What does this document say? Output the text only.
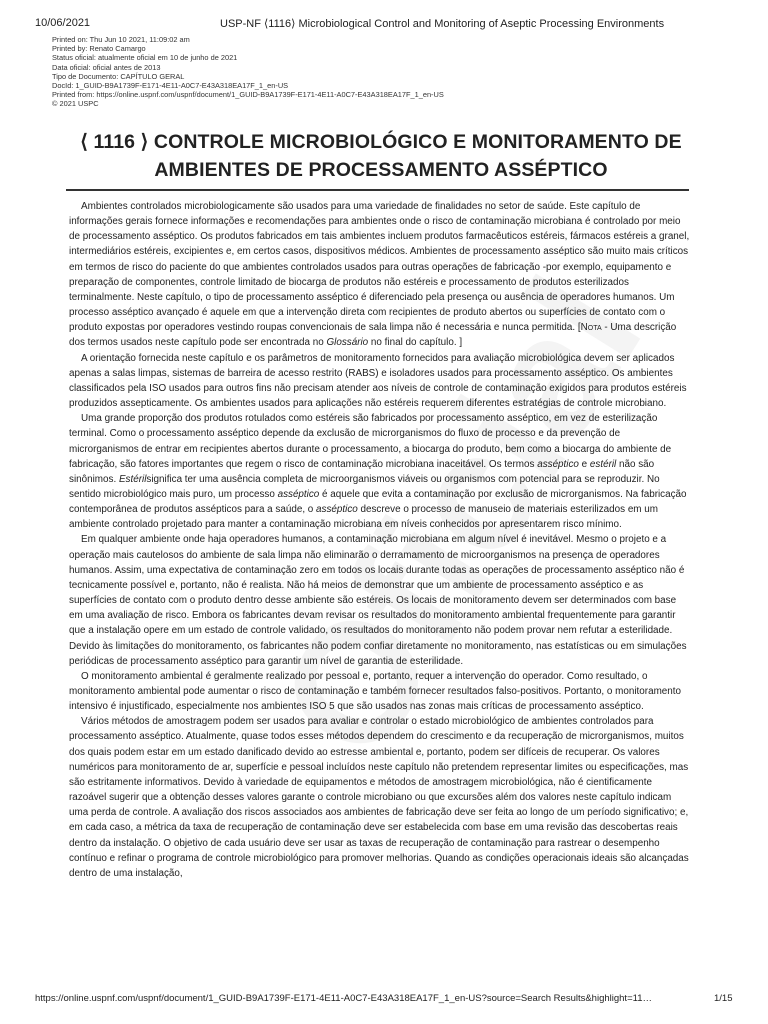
10/06/2021	USP-NF ⟨1116⟩ Microbiological Control and Monitoring of Aseptic Processing Environments
Printed on: Thu Jun 10 2021, 11:09:02 am
Printed by: Renato Camargo
Status oficial: atualmente oficial em 10 de junho de 2021
Data oficial: oficial antes de 2013
Tipo de Documento: CAPÍTULO GERAL
DocId: 1_GUID-B9A1739F-E171-4E11-A0C7-E43A318EA17F_1_en-US
Printed from: https://online.uspnf.com/uspnf/document/1_GUID-B9A1739F-E171-4E11-A0C7-E43A318EA17F_1_en-US
© 2021 USPC
⟨ 1116 ⟩ CONTROLE MICROBIOLÓGICO E MONITORAMENTO DE
AMBIENTES DE PROCESSAMENTO ASSÉPTICO

Ambientes controlados microbiologicamente são usados para uma variedade de finalidades no setor de saúde. Este capítulo de informações gerais fornece informações e recomendações para ambientes onde o risco de contaminação microbiana é controlado por meio de processamento asséptico. Os produtos fabricados em tais ambientes incluem produtos farmacêuticos estéreis, fármacos estéreis a granel, intermediários estéreis, excipientes e, em certos casos, dispositivos médicos. Ambientes de processamento asséptico são muito mais críticos em termos de risco do paciente do que ambientes controlados usados para outras operações de fabricação -por exemplo, equipamento e preparação de componentes, controle limitado de biocarga de produtos não estéreis e processamento de produtos esterilizados terminalmente. Neste capítulo, o tipo de processamento asséptico é diferenciado pela presença ou ausência de operadores humanos. Um processo asséptico avançado é aquele em que a intervenção direta com recipientes de produto abertos ou superfícies de contato com o produto expostas por operadores vestindo roupas convencionais de sala limpa não é necessária e nunca permitida. [Nota - Uma descrição dos termos usados neste capítulo pode ser encontrada no Glossário no final do capítulo. ]

A orientação fornecida neste capítulo e os parâmetros de monitoramento fornecidos para avaliação microbiológica devem ser aplicados apenas a salas limpas, sistemas de barreira de acesso restrito (RABS) e isoladores usados para processamento asséptico. Os ambientes classificados pela ISO usados para outros fins não precisam atender aos níveis de controle de contaminação exigidos para produtos estéreis produzidos assepticamente. Os ambientes usados para aplicações não estéreis requerem diferentes estratégias de controle microbiano.

Uma grande proporção dos produtos rotulados como estéreis são fabricados por processamento asséptico, em vez de esterilização terminal. Como o processamento asséptico depende da exclusão de microrganismos do fluxo de processo e da prevenção de microrganismos de entrar em recipientes abertos durante o processamento, a biocarga do produto, bem como a biocarga do ambiente de fabricação, são fatores importantes que regem o risco de contaminação microbiana inaceitável. Os termos asséptico e estéril não são sinônimos. Estérilsignifica ter uma ausência completa de microorganismos viáveis ou organismos com potencial para se reproduzir. No sentido microbiológico mais puro, um processo asséptico é aquele que evita a contaminação por exclusão de microrganismos. Na fabricação contemporânea de produtos assépticos para a saúde, o asséptico descreve o processo de manuseio de materiais esterilizados em um ambiente controlado projetado para manter a contaminação microbiana em níveis conhecidos por apresentarem risco mínimo.

Em qualquer ambiente onde haja operadores humanos, a contaminação microbiana em algum nível é inevitável. Mesmo o projeto e a operação mais cautelosos do ambiente de sala limpa não eliminarão o derramamento de microorganismos na presença de operadores humanos. Assim, uma expectativa de contaminação zero em todos os locais durante todas as operações de processamento asséptico não é tecnicamente possível e, portanto, não é realista. Não há meios de demonstrar que um ambiente de processamento asséptico e as superfícies de contato com o produto dentro desse ambiente são estéreis. Os locais de monitoramento devem ser determinados com base em uma avaliação de risco. Embora os fabricantes devam revisar os resultados do monitoramento ambiental frequentemente para garantir que a instalação opere em um estado de controle validado, os resultados do monitoramento não podem provar nem refutar a esterilidade. Devido às limitações do monitoramento, os fabricantes não podem confiar diretamente no monitoramento, nas estatísticas ou em simulações periódicas de processamento asséptico para garantir um nível de garantia de esterilidade.

O monitoramento ambiental é geralmente realizado por pessoal e, portanto, requer a intervenção do operador. Como resultado, o monitoramento ambiental pode aumentar o risco de contaminação e também fornecer resultados falso-positivos. Portanto, o monitoramento intensivo é injustificado, especialmente nos ambientes ISO 5 que são usados nas zonas mais críticas de processamento asséptico.

Vários métodos de amostragem podem ser usados para avaliar e controlar o estado microbiológico de ambientes controlados para processamento asséptico. Atualmente, quase todos esses métodos dependem do crescimento e da recuperação de microrganismos, muitos dos quais podem estar em um estado danificado devido ao estresse ambiental e, portanto, podem ser difíceis de recuperar. Os valores numéricos para monitoramento de ar, superfície e pessoal incluídos neste capítulo não pretendem representar limites ou especificações, mas são estritamente informativos. Devido à variedade de equipamentos e métodos de amostragem microbiológica, não é cientificamente razoável sugerir que a obtenção desses valores garante o controle microbiano ou que excursões além dos valores neste capítulo indicam uma perda de controle. A avaliação dos riscos associados aos ambientes de fabricação deve ser feita ao longo de um período significativo; e, em cada caso, a métrica da taxa de recuperação de contaminação deve ser estabelecida com base em uma revisão das descobertas reais dentro da instalação. O objetivo de cada usuário deve ser usar as taxas de recuperação de contaminação para rastrear o desempenho contínuo e refinar o programa de controle microbiológico para promover melhorias. Quando as condições operacionais ideais são alcançadas dentro de uma instalação,

https://online.uspnf.com/uspnf/document/1_GUID-B9A1739F-E171-4E11-A0C7-E43A318EA17F_1_en-US?source=Search Results&highlight=11…	1/15
